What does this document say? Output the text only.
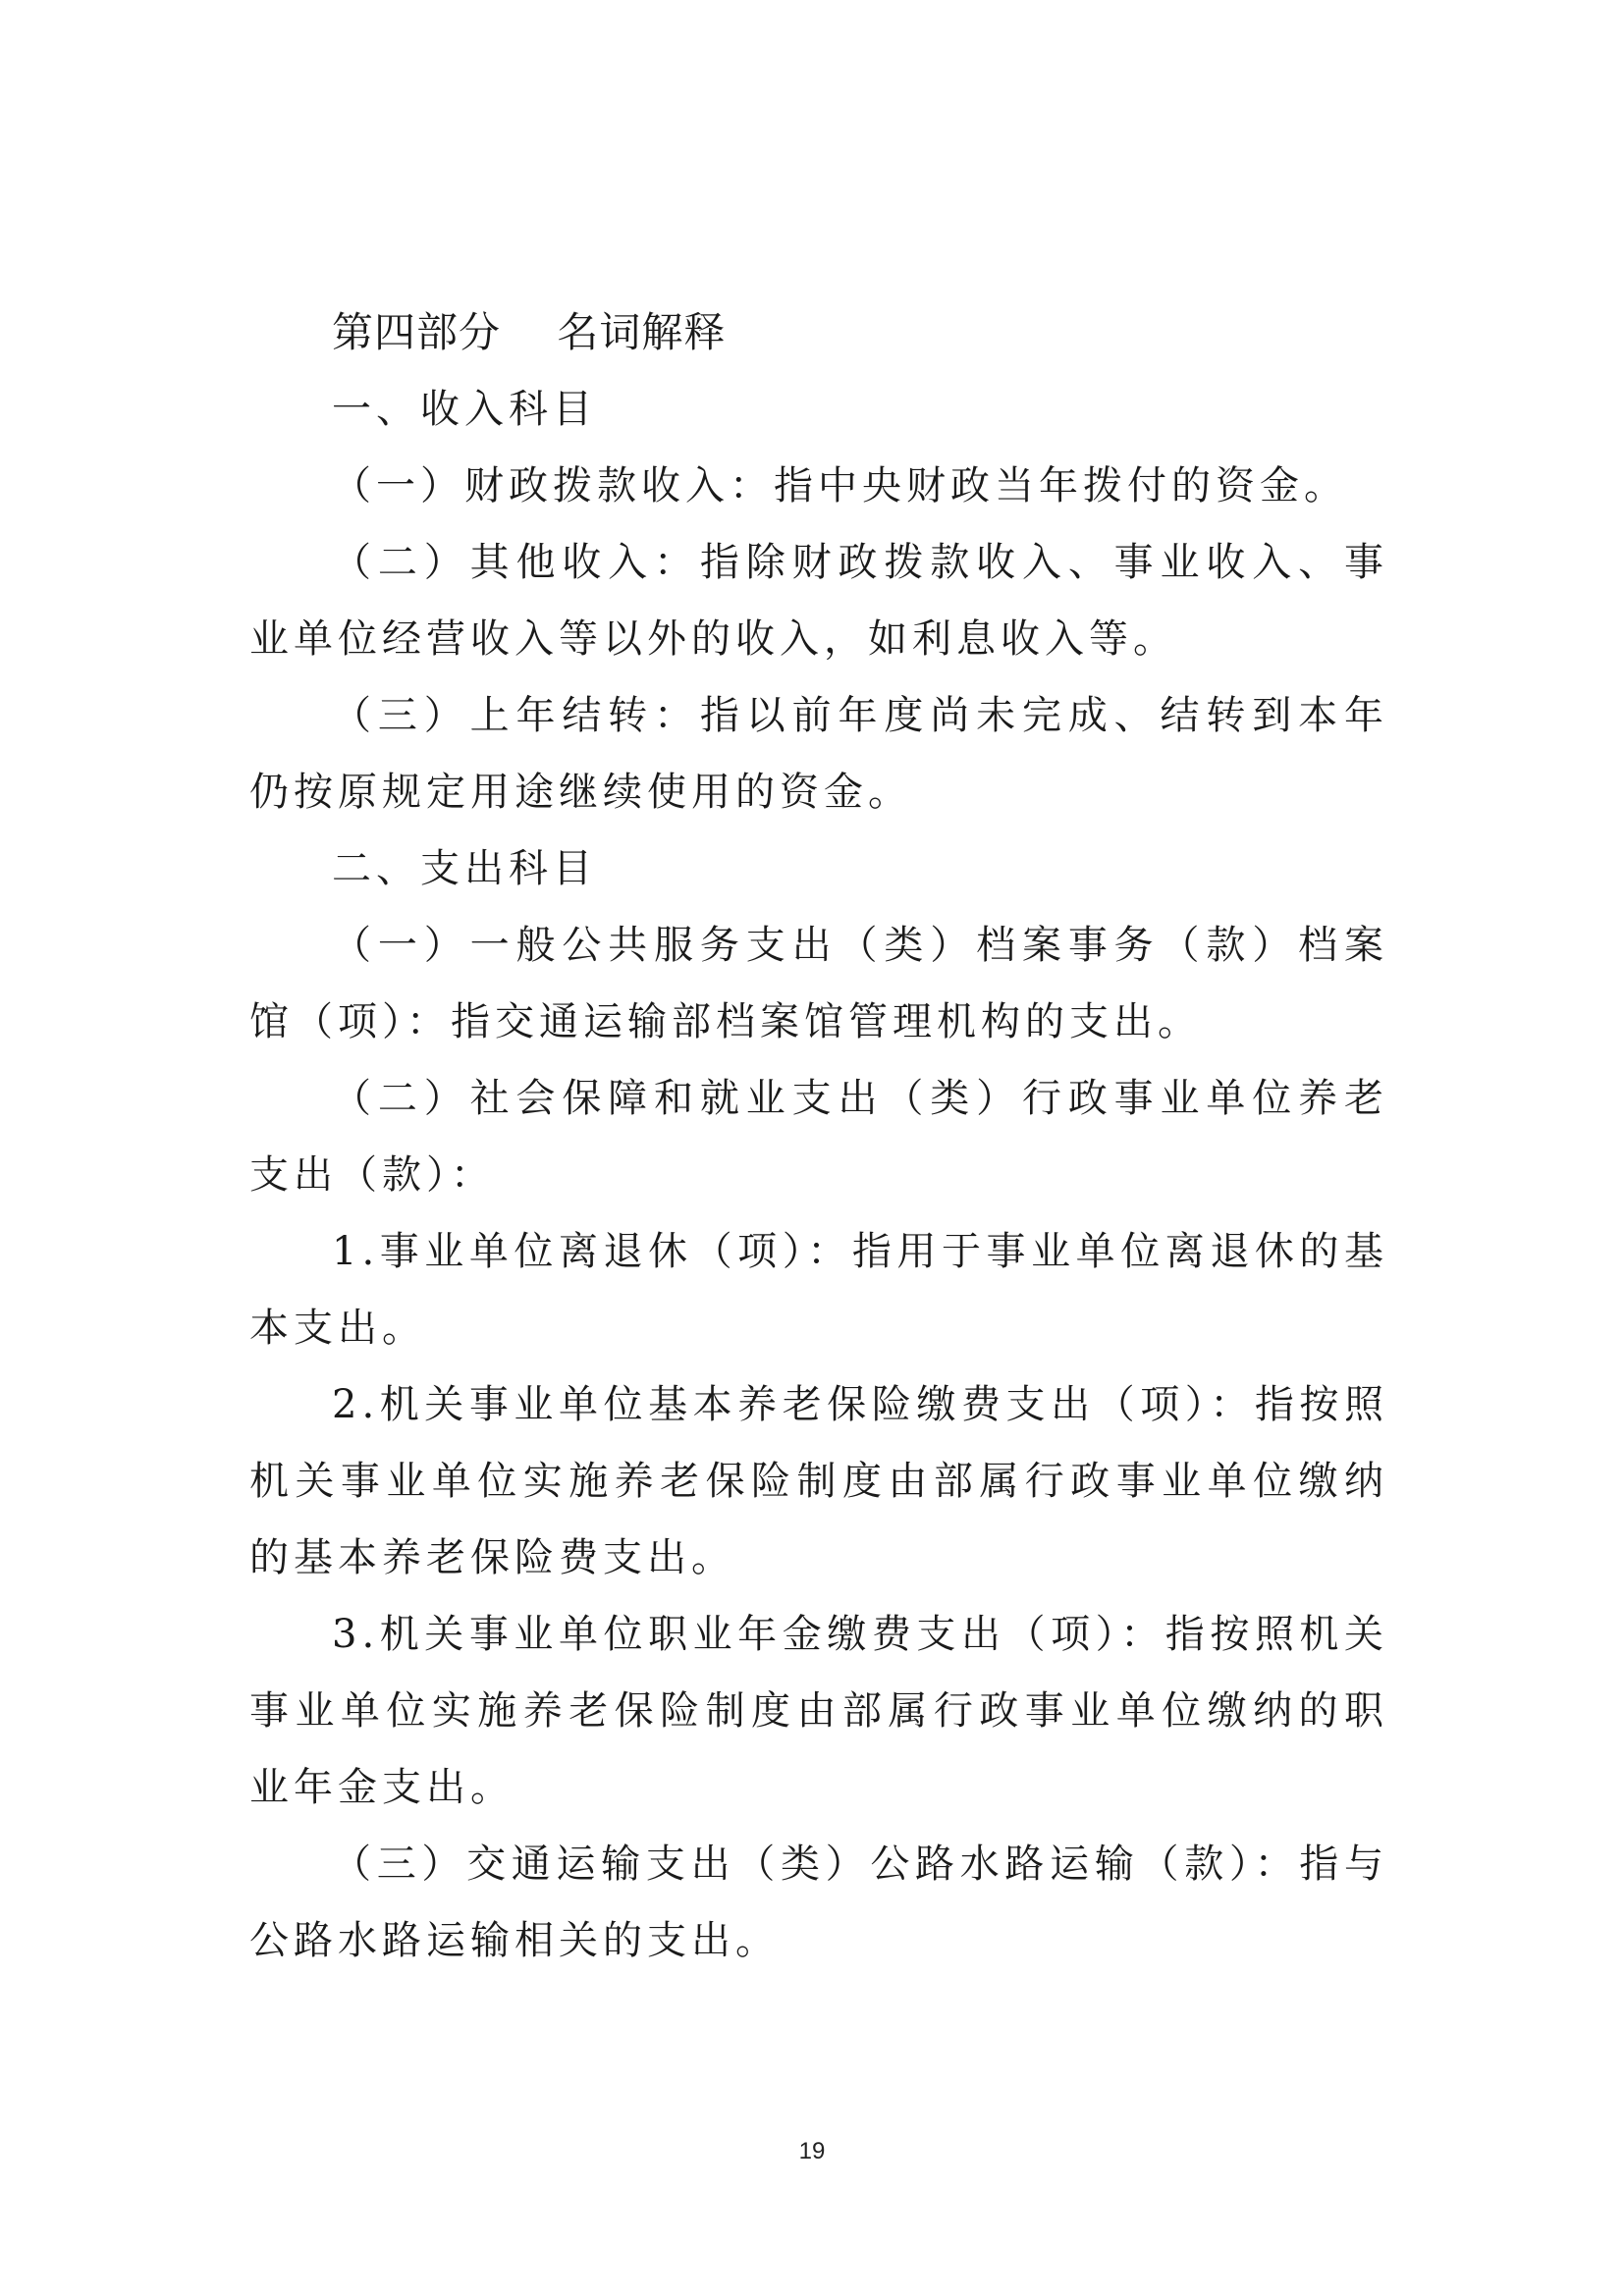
第四部分    名词解释

一、收入科目

（一）财政拨款收入：指中央财政当年拨付的资金。

（二）其他收入：指除财政拨款收入、事业收入、事业单位经营收入等以外的收入，如利息收入等。

（三）上年结转：指以前年度尚未完成、结转到本年仍按原规定用途继续使用的资金。

二、支出科目

（一）一般公共服务支出（类）档案事务（款）档案馆（项）：指交通运输部档案馆管理机构的支出。

（二）社会保障和就业支出（类）行政事业单位养老支出（款）：

1.事业单位离退休（项）：指用于事业单位离退休的基本支出。

2.机关事业单位基本养老保险缴费支出（项）：指按照机关事业单位实施养老保险制度由部属行政事业单位缴纳的基本养老保险费支出。

3.机关事业单位职业年金缴费支出（项）：指按照机关事业单位实施养老保险制度由部属行政事业单位缴纳的职业年金支出。

（三）交通运输支出（类）公路水路运输（款）：指与公路水路运输相关的支出。

19
